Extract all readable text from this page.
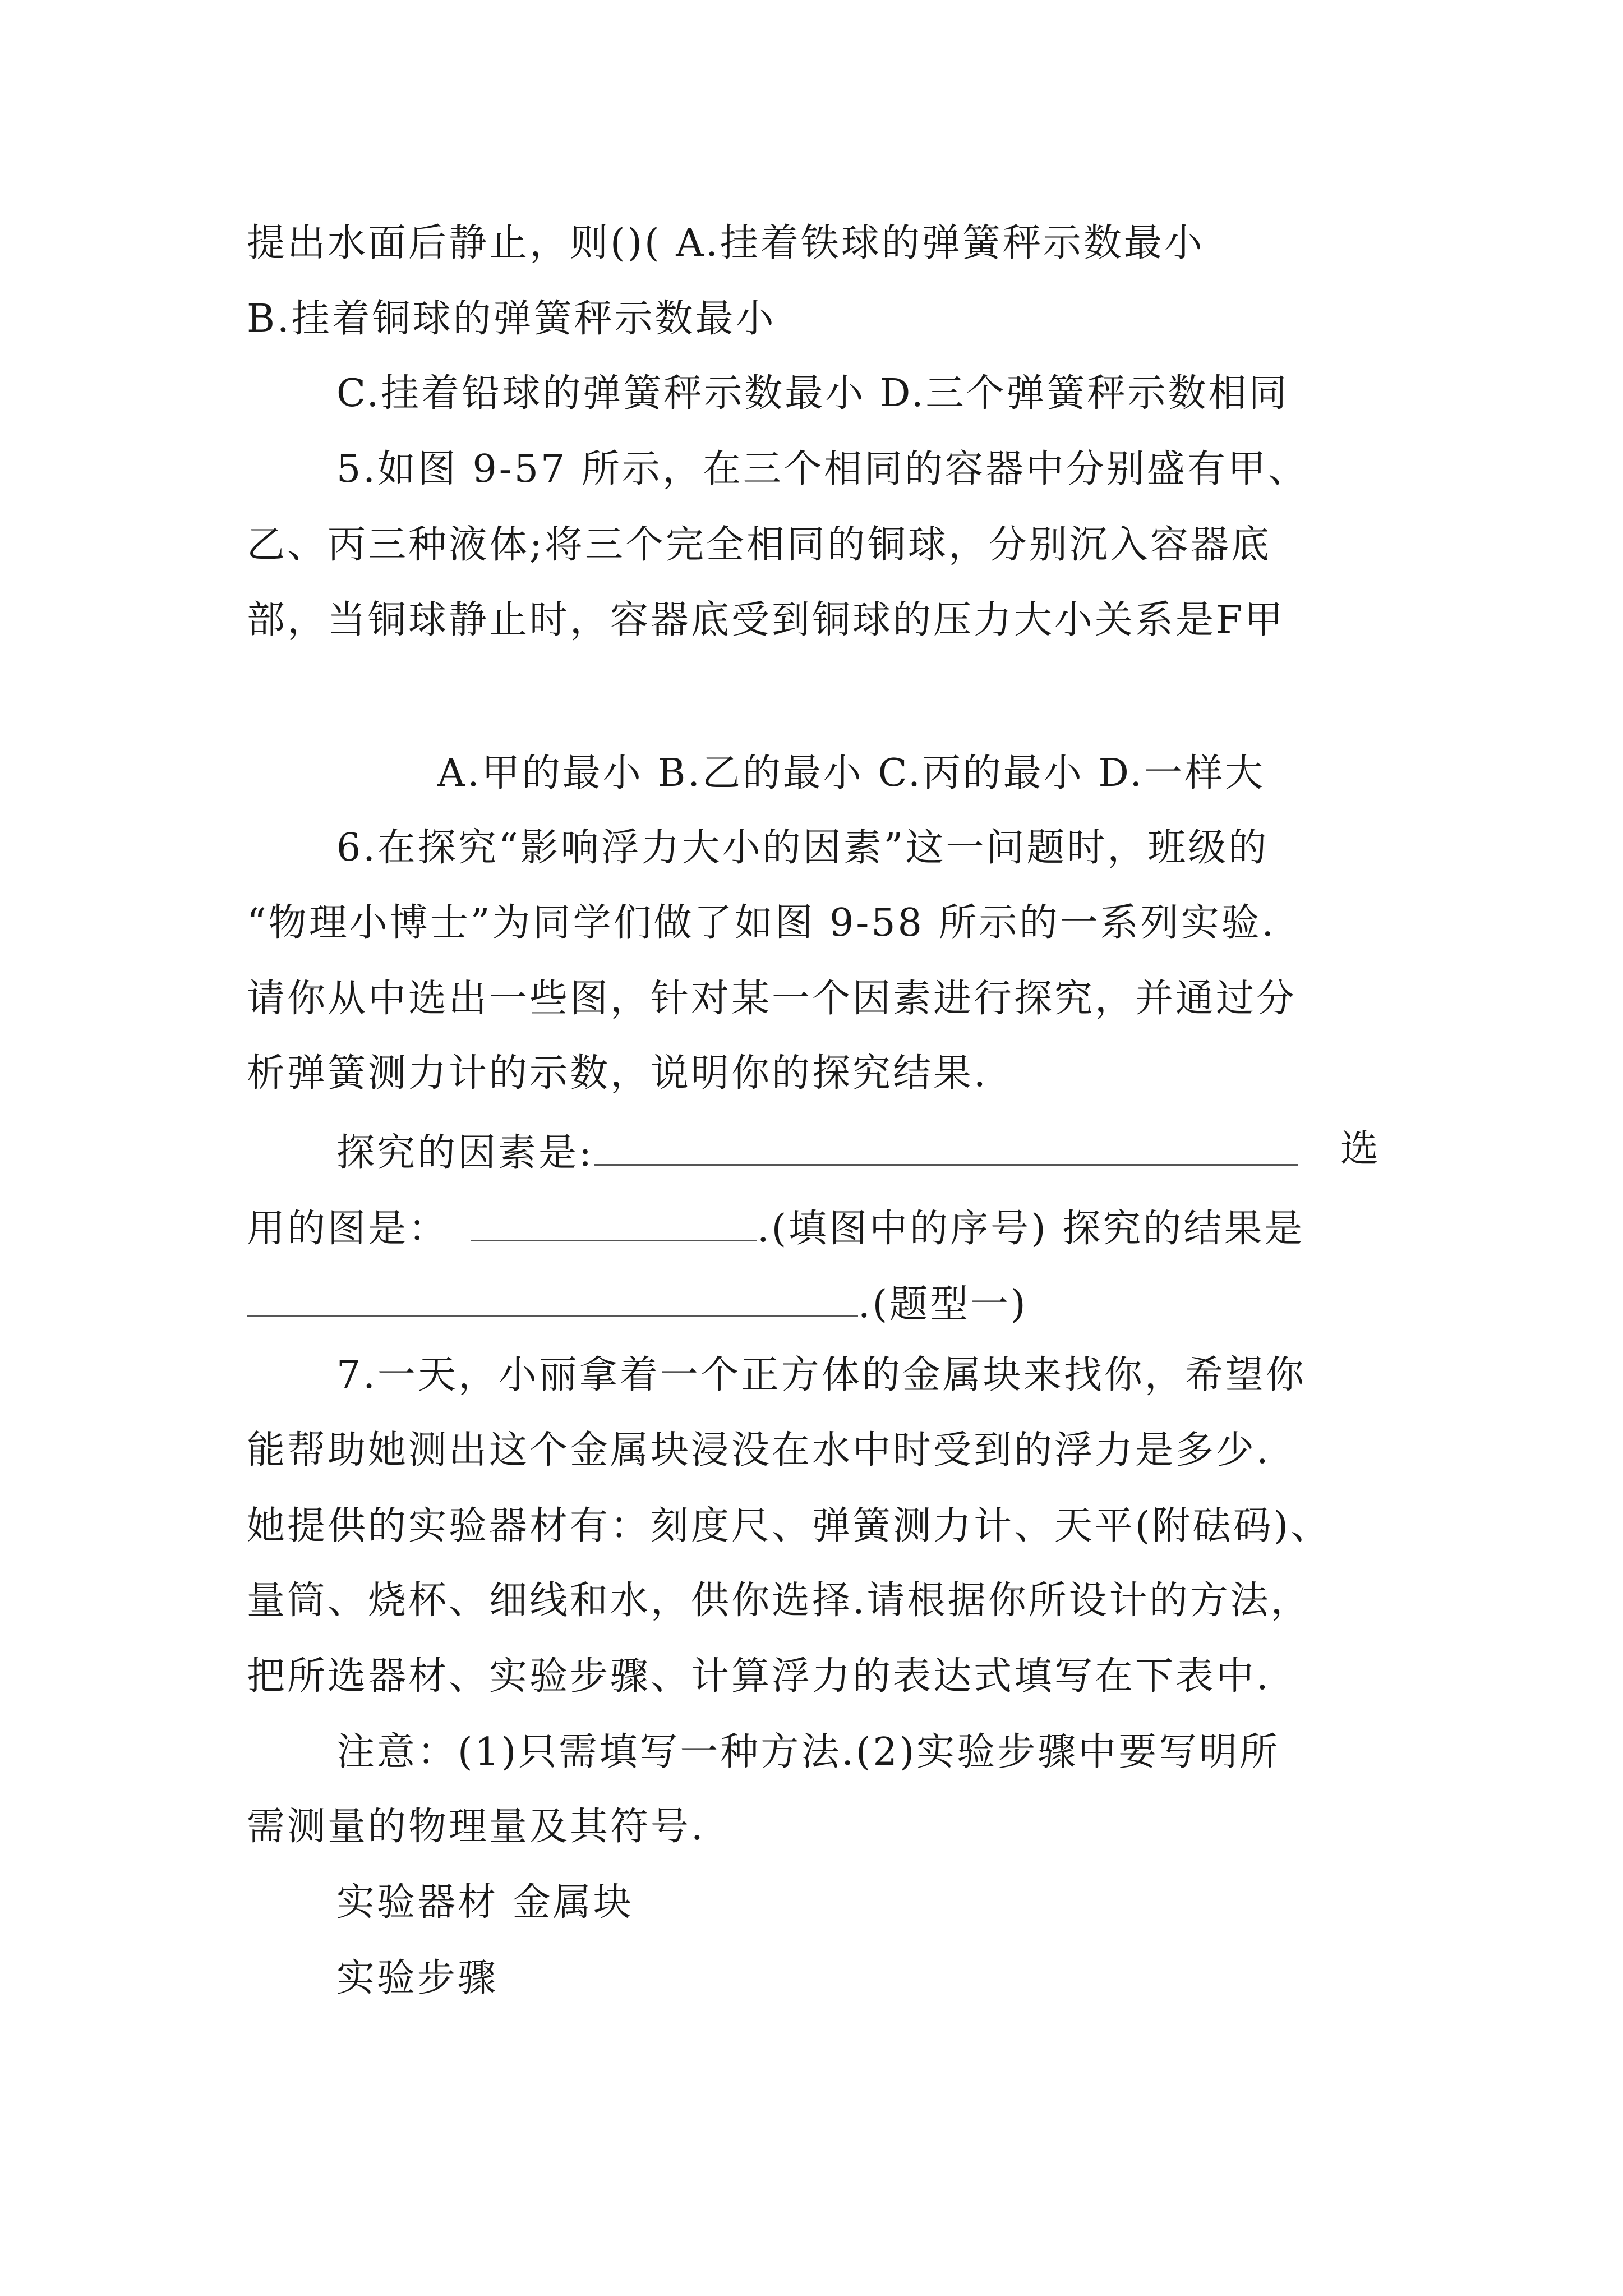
提出水面后静止，则()( A.挂着铁球的弹簧秤示数最小
B.挂着铜球的弹簧秤示数最小
C.挂着铅球的弹簧秤示数最小 D.三个弹簧秤示数相同
5.如图 9-57 所示，在三个相同的容器中分别盛有甲、
乙、丙三种液体;将三个完全相同的铜球，分别沉入容器底
部，当铜球静止时，容器底受到铜球的压力大小关系是F甲
A.甲的最小 B.乙的最小 C.丙的最小 D.一样大
6.在探究“影响浮力大小的因素”这一问题时，班级的
“物理小博士”为同学们做了如图 9-58 所示的一系列实验.
请你从中选出一些图，针对某一个因素进行探究，并通过分
析弹簧测力计的示数，说明你的探究结果.
探究的因素是:	选
用的图是：	.(填图中的序号) 探究的结果是
.(题型一)
7.一天，小丽拿着一个正方体的金属块来找你，希望你
能帮助她测出这个金属块浸没在水中时受到的浮力是多少.
她提供的实验器材有：刻度尺、弹簧测力计、天平(附砝码)、
量筒、烧杯、细线和水，供你选择.请根据你所设计的方法，
把所选器材、实验步骤、计算浮力的表达式填写在下表中.
注意：(1)只需填写一种方法.(2)实验步骤中要写明所
需测量的物理量及其符号.
实验器材 金属块
实验步骤
